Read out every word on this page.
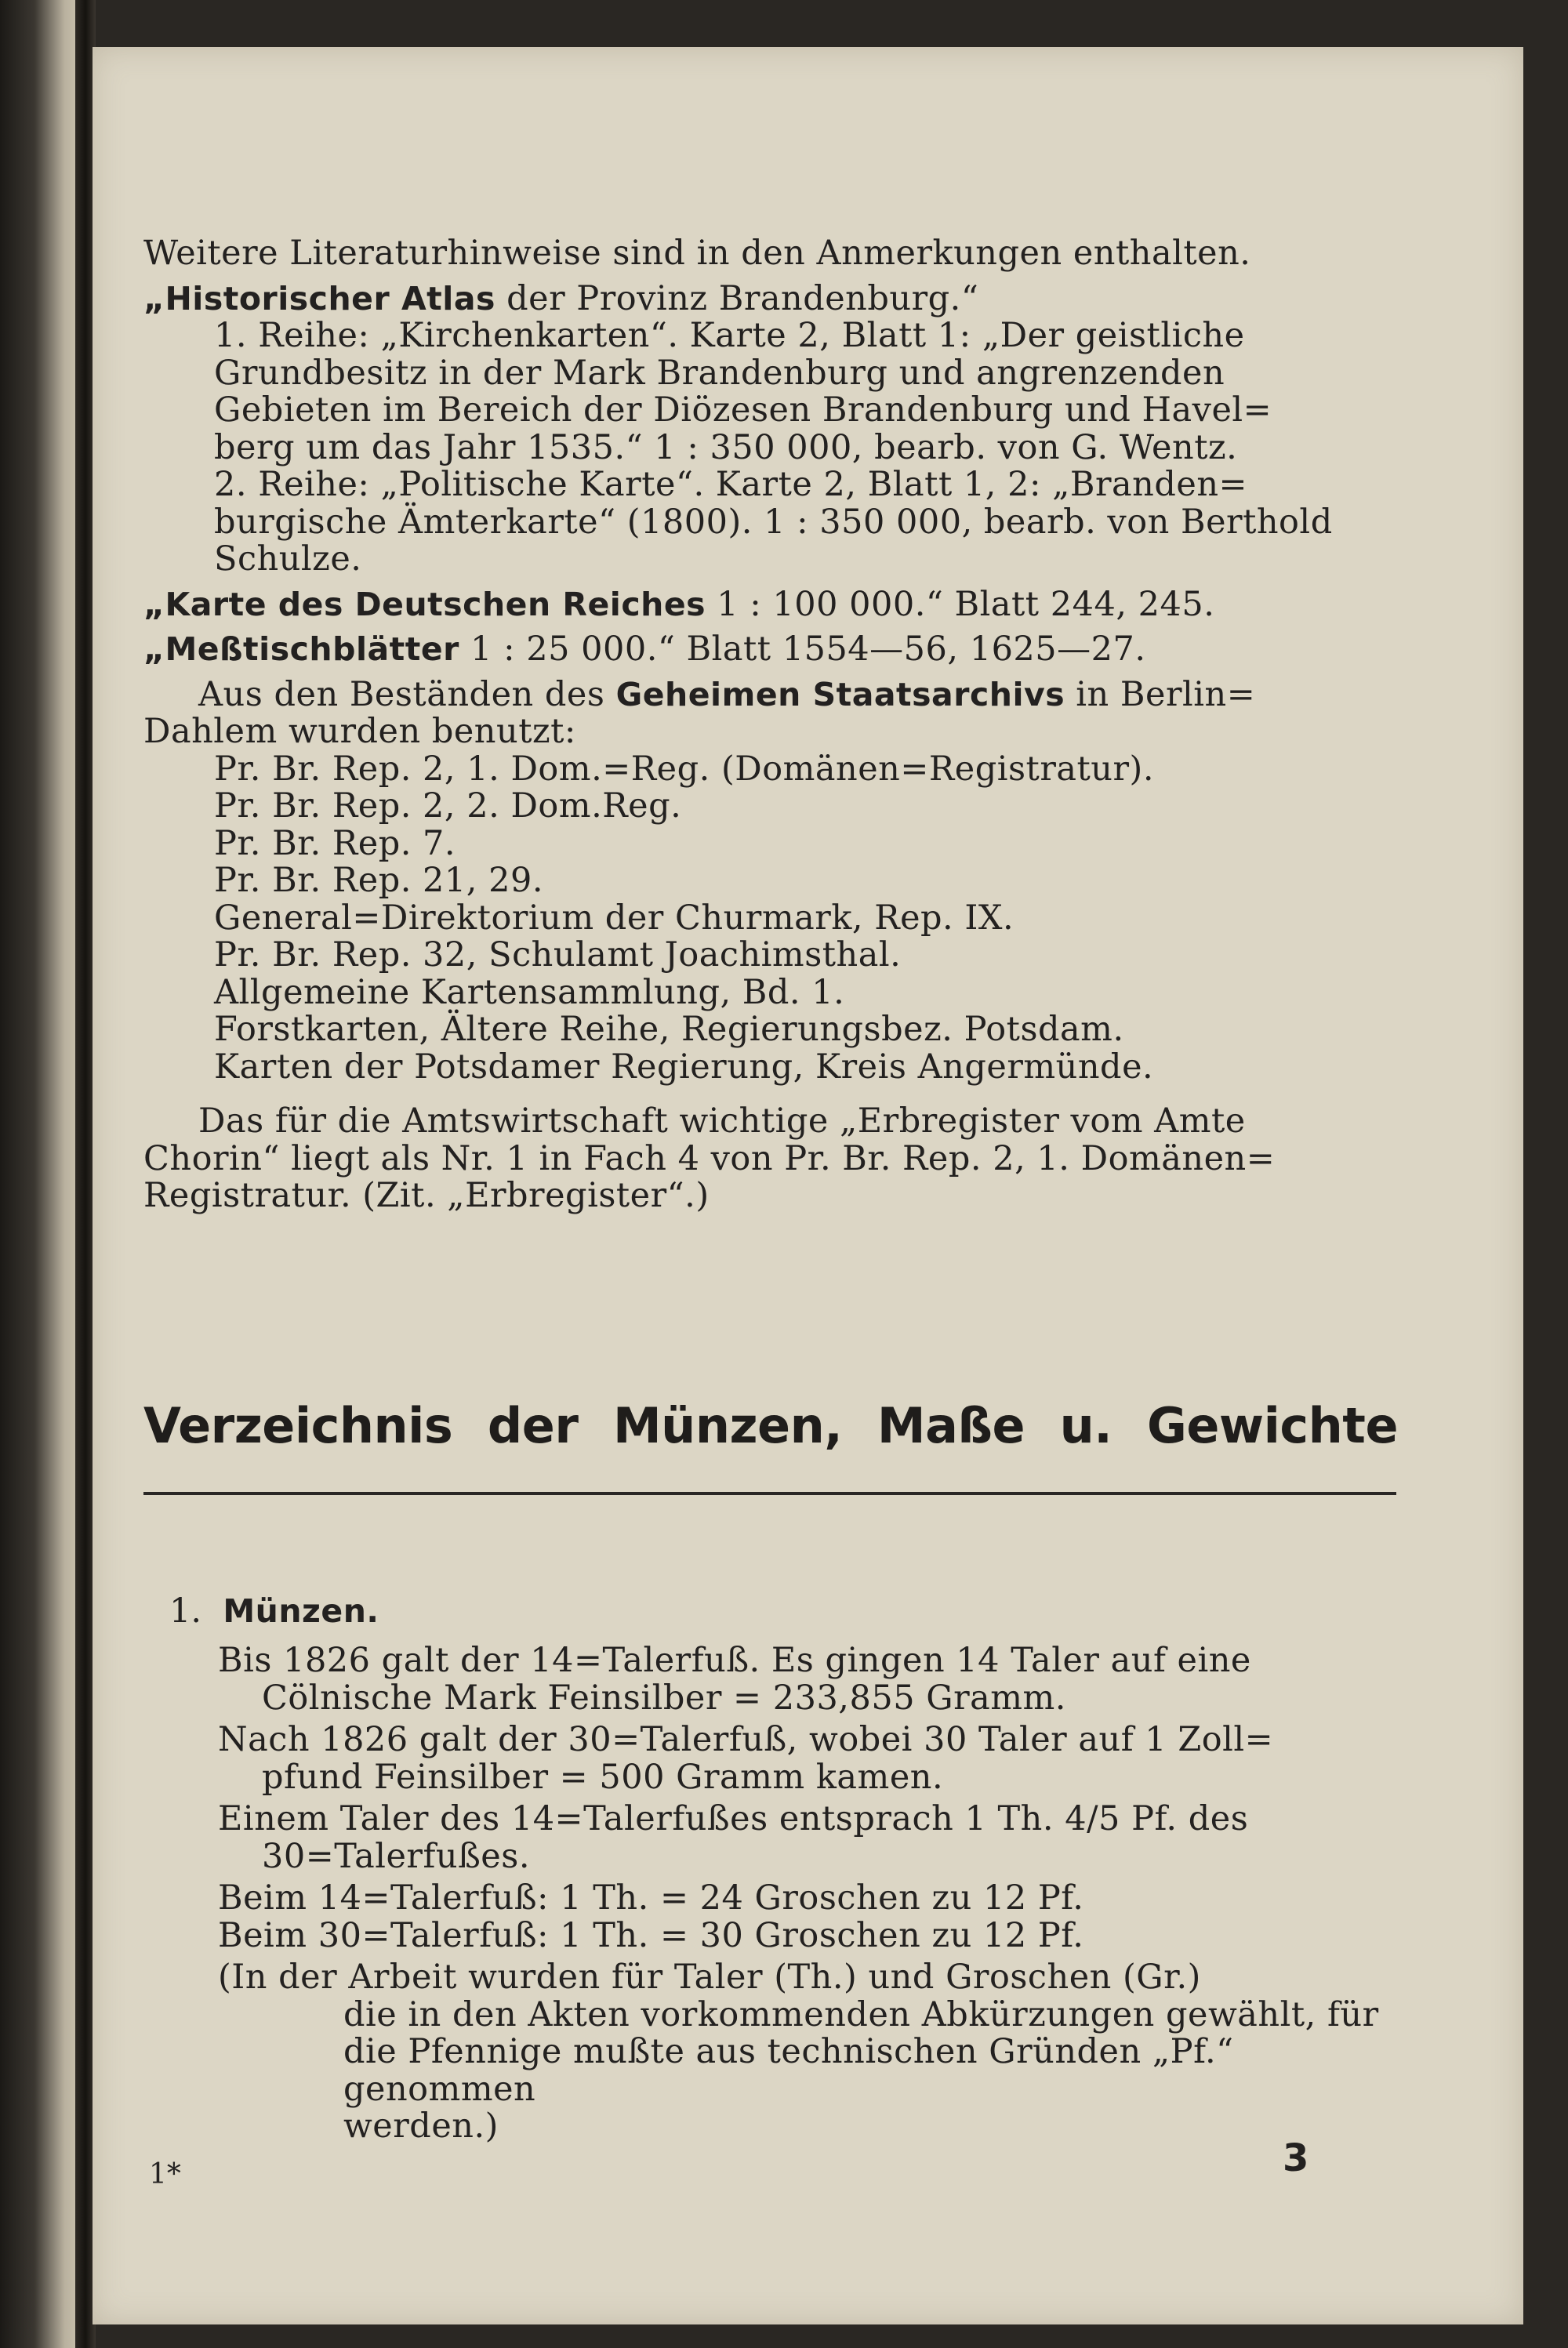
Weitere Literaturhinweise sind in den Anmerkungen enthalten.

„Historischer Atlas der Provinz Brandenburg.“

1. Reihe: „Kirchenkarten“. Karte 2, Blatt 1: „Der geistliche
Grundbesitz in der Mark Brandenburg und angrenzenden
Gebieten im Bereich der Diözesen Brandenburg und Havel=
berg um das Jahr 1535.“ 1 : 350 000, bearb. von G. Wentz.
2. Reihe: „Politische Karte“. Karte 2, Blatt 1, 2: „Branden=
burgische Ämterkarte“ (1800). 1 : 350 000, bearb. von Berthold
Schulze.

„Karte des Deutschen Reiches 1 : 100 000.“ Blatt 244, 245.

„Meßtischblätter 1 : 25 000.“ Blatt 1554—56, 1625—27.

Aus den Beständen des Geheimen Staatsarchivs in Berlin=

Dahlem wurden benutzt:

Pr. Br. Rep. 2, 1. Dom.=Reg. (Domänen=Registratur).
Pr. Br. Rep. 2, 2. Dom.Reg.
Pr. Br. Rep. 7.
Pr. Br. Rep. 21, 29.
General=Direktorium der Churmark, Rep. IX.
Pr. Br. Rep. 32, Schulamt Joachimsthal.
Allgemeine Kartensammlung, Bd. 1.
Forstkarten, Ältere Reihe, Regierungsbez. Potsdam.
Karten der Potsdamer Regierung, Kreis Angermünde.

Das für die Amtswirtschaft wichtige „Erbregister vom Amte

Chorin“ liegt als Nr. 1 in Fach 4 von Pr. Br. Rep. 2, 1. Domänen=

Registratur. (Zit. „Erbregister“.)

Verzeichnis der Münzen, Maße u. Gewichte
1. Münzen.

Bis 1826 galt der 14=Talerfuß. Es gingen 14 Taler auf eine
Cölnische Mark Feinsilber = 233,855 Gramm.

Nach 1826 galt der 30=Talerfuß, wobei 30 Taler auf 1 Zoll=
pfund Feinsilber = 500 Gramm kamen.

Einem Taler des 14=Talerfußes entsprach 1 Th. 4/5 Pf. des
30=Talerfußes.

Beim 14=Talerfuß: 1 Th. = 24 Groschen zu 12 Pf.

Beim 30=Talerfuß: 1 Th. = 30 Groschen zu 12 Pf.

(In der Arbeit wurden für Taler (Th.) und Groschen (Gr.)

die in den Akten vorkommenden Abkürzungen gewählt, für

die Pfennige mußte aus technischen Gründen „Pf.“ genommen

werden.)

1*	3
